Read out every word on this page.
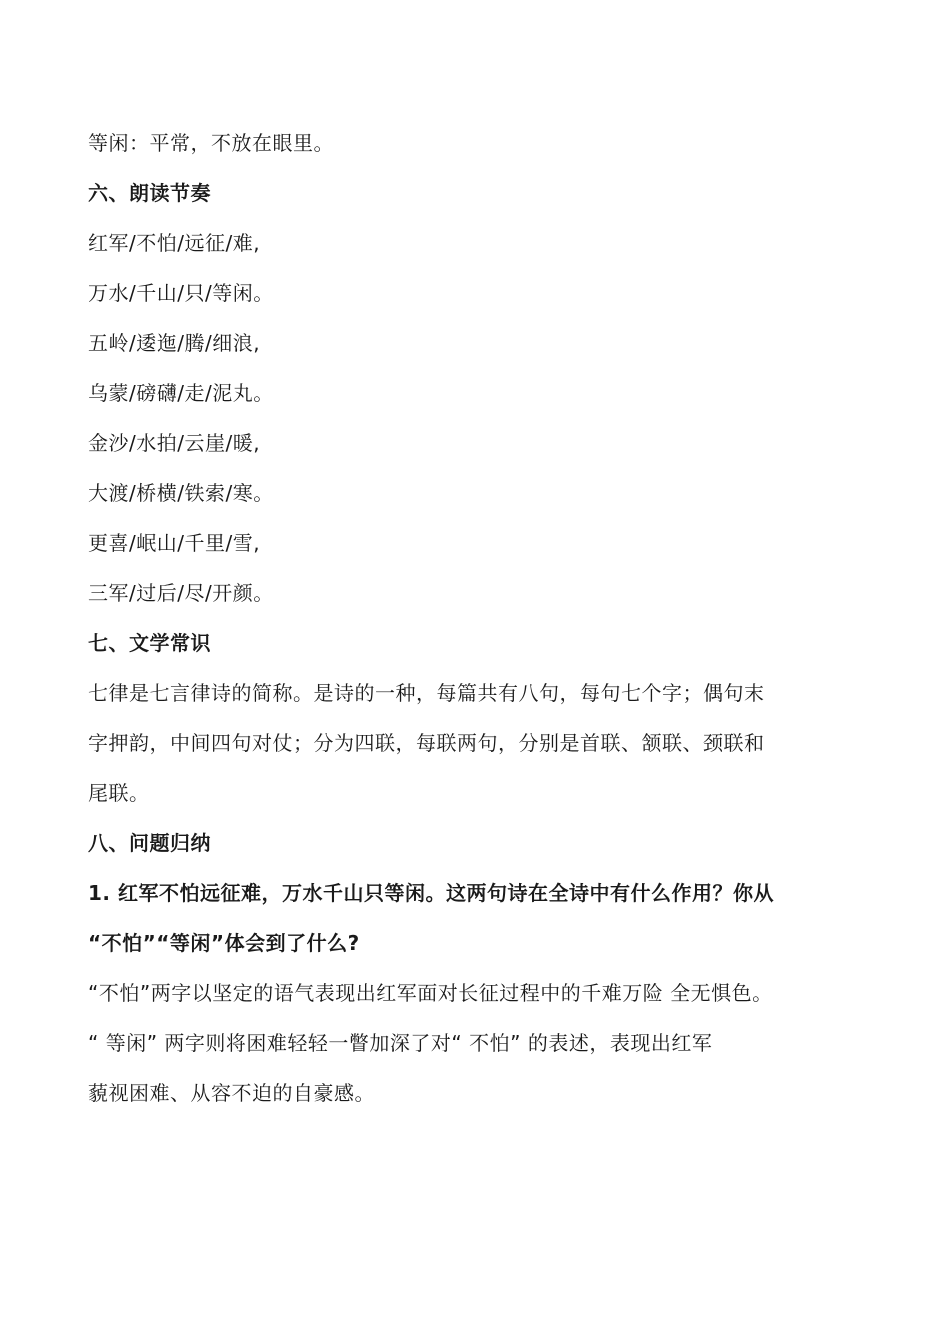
等闲：平常，不放在眼里。
六、朗读节奏
红军/不怕/远征/难,
万水/千山/只/等闲。
五岭/逶迤/腾/细浪,
乌蒙/磅礴/走/泥丸。
金沙/水拍/云崖/暖,
大渡/桥横/铁索/寒。
更喜/岷山/千里/雪,
三军/过后/尽/开颜。
七、文学常识
七律是七言律诗的简称。是诗的一种，每篇共有八句，每句七个字；偶句末
字押韵，中间四句对仗；分为四联，每联两句，分别是首联、颔联、颈联和
尾联。
八、问题归纳
1. 红军不怕远征难，万水千山只等闲。这两句诗在全诗中有什么作用？你从
“不怕”“等闲”体会到了什么?
“不怕”两字以坚定的语气表现出红军面对长征过程中的千难万险 全无惧色。
“ 等闲” 两字则将困难轻轻一瞥加深了对“ 不怕” 的表述，表现出红军
藐视困难、从容不迫的自豪感。
